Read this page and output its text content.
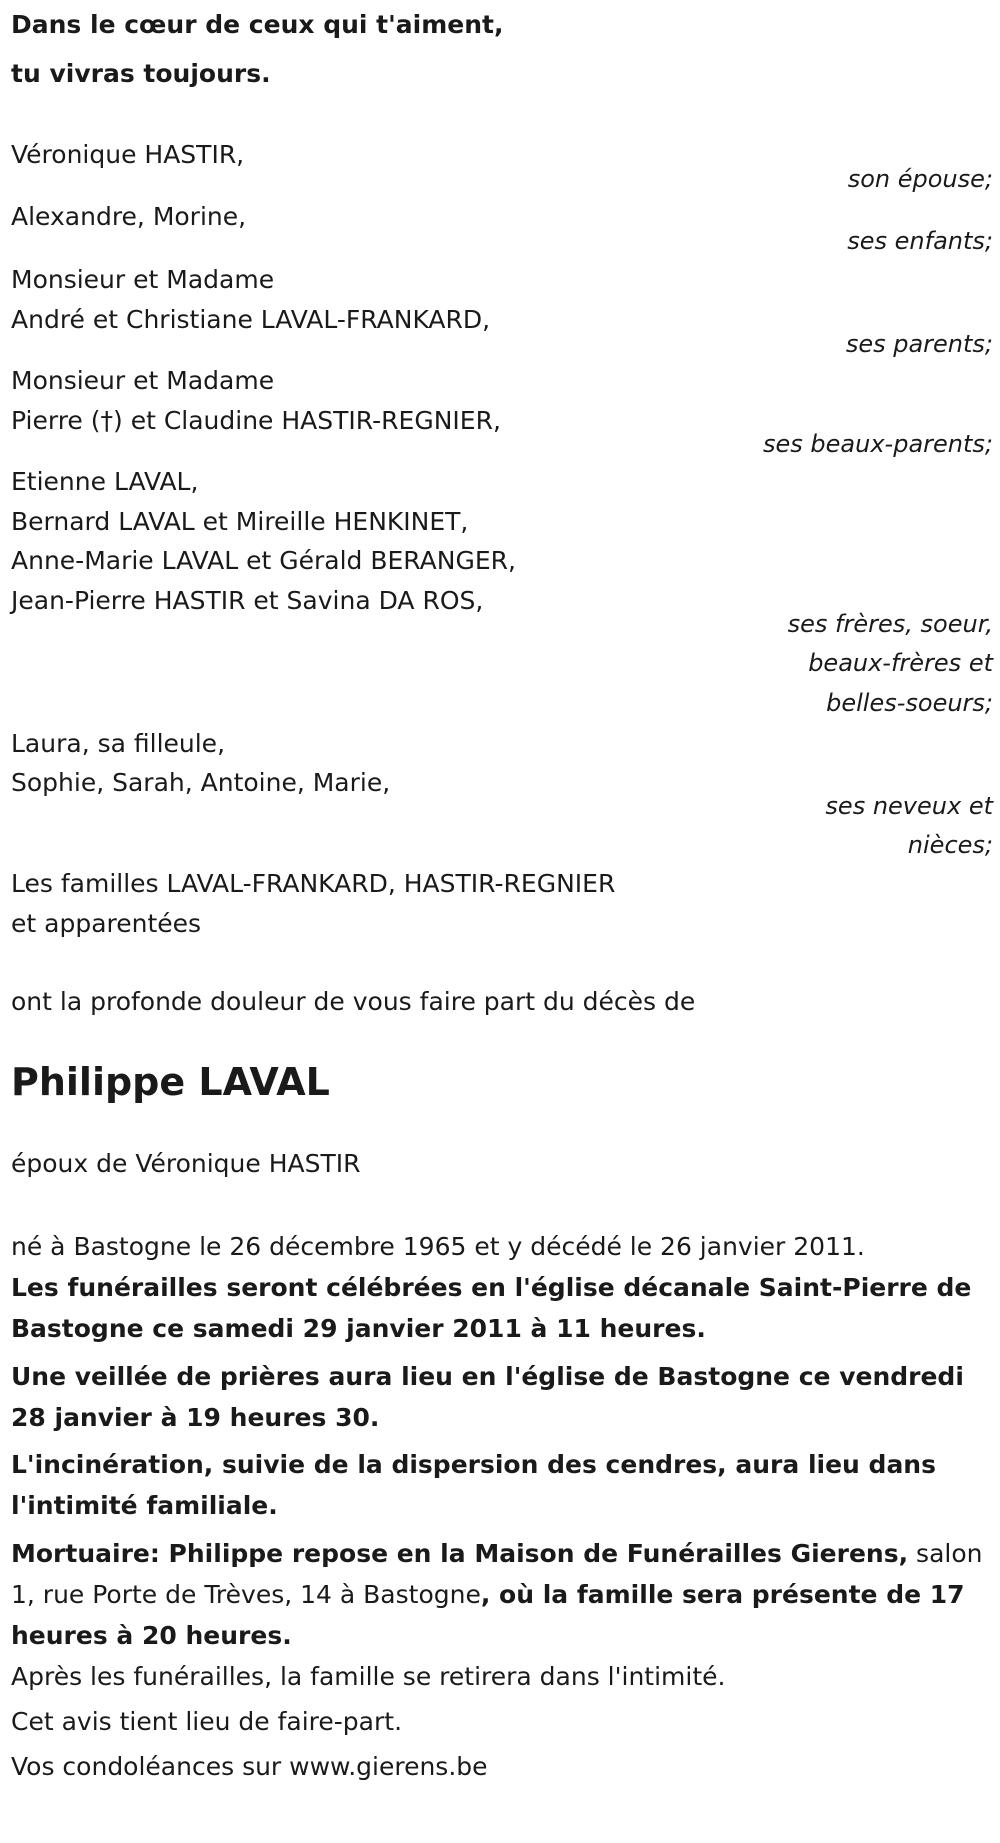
Dans le cœur de ceux qui t'aiment,
tu vivras toujours.
Véronique HASTIR,
son épouse;
Alexandre, Morine,
ses enfants;
Monsieur et Madame
André et Christiane LAVAL-FRANKARD,
ses parents;
Monsieur et Madame
Pierre (†) et Claudine HASTIR-REGNIER,
ses beaux-parents;
Etienne LAVAL,
Bernard LAVAL et Mireille HENKINET,
Anne-Marie LAVAL et Gérald BERANGER,
Jean-Pierre HASTIR et Savina DA ROS,
ses frères, soeur,
beaux-frères et
belles-soeurs;
Laura, sa filleule,
Sophie, Sarah, Antoine, Marie,
ses neveux et
nièces;
Les familles LAVAL-FRANKARD, HASTIR-REGNIER
et apparentées
ont la profonde douleur de vous faire part du décès de
Philippe LAVAL
époux de Véronique HASTIR
né à Bastogne le 26 décembre 1965 et y décédé le 26 janvier 2011.
Les funérailles seront célébrées en l'église décanale Saint-Pierre de Bastogne ce samedi 29 janvier 2011 à 11 heures.
Une veillée de prières aura lieu en l'église de Bastogne ce vendredi 28 janvier à 19 heures 30.
L'incinération, suivie de la dispersion des cendres, aura lieu dans l'intimité familiale.
Mortuaire: Philippe repose en la Maison de Funérailles Gierens, salon 1, rue Porte de Trèves, 14 à Bastogne, où la famille sera présente de 17 heures à 20 heures.
Après les funérailles, la famille se retirera dans l'intimité.
Cet avis tient lieu de faire-part.
Vos condoléances sur www.gierens.be
